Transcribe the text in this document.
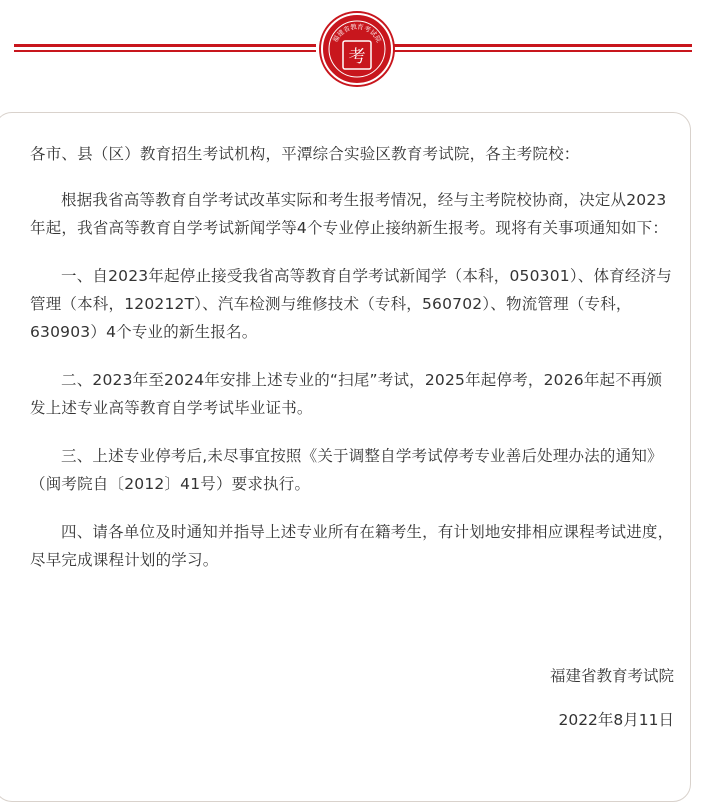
福建省教育考试院
考

各市、县（区）教育招生考试机构，平潭综合实验区教育考试院，各主考院校：

根据我省高等教育自学考试改革实际和考生报考情况，经与主考院校协商，决定从2023年起，我省高等教育自学考试新闻学等4个专业停止接纳新生报考。现将有关事项通知如下：

一、自2023年起停止接受我省高等教育自学考试新闻学（本科，050301）、体育经济与管理（本科，120212T）、汽车检测与维修技术（专科，560702）、物流管理（专科，630903）4个专业的新生报名。

二、2023年至2024年安排上述专业的“扫尾”考试，2025年起停考，2026年起不再颁发上述专业高等教育自学考试毕业证书。

三、上述专业停考后,未尽事宜按照《关于调整自学考试停考专业善后处理办法的通知》（闽考院自〔2012〕41号）要求执行。

四、请各单位及时通知并指导上述专业所有在籍考生，有计划地安排相应课程考试进度，尽早完成课程计划的学习。

福建省教育考试院
2022年8月11日
